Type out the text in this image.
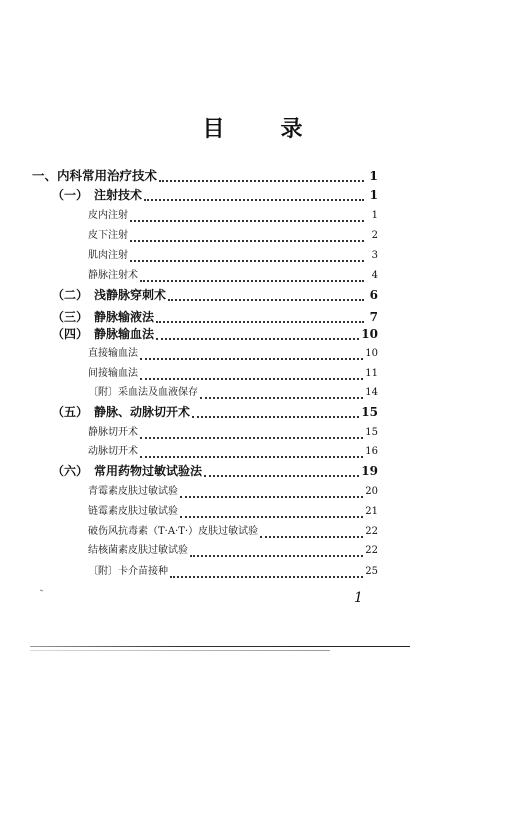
目	录
一、内科常用治疗技术	1
（一） 注射技术	1
皮内注射	1
皮下注射	2
肌肉注射	3
静脉注射术	4
（二） 浅静脉穿刺术	6
（三） 静脉输液法	7
（四） 静脉输血法	10
直接输血法	10
间接输血法	11
〔附〕采血法及血液保存	14
（五） 静脉、动脉切开术	15
静脉切开术	15
动脉切开术	16
（六） 常用药物过敏试验法	19
青霉素皮肤过敏试验	20
链霉素皮肤过敏试验	21
破伤风抗毒素（T·A·T·）皮肤过敏试验	22
结核菌素皮肤过敏试验	22
〔附〕卡介苗接种	25
1
